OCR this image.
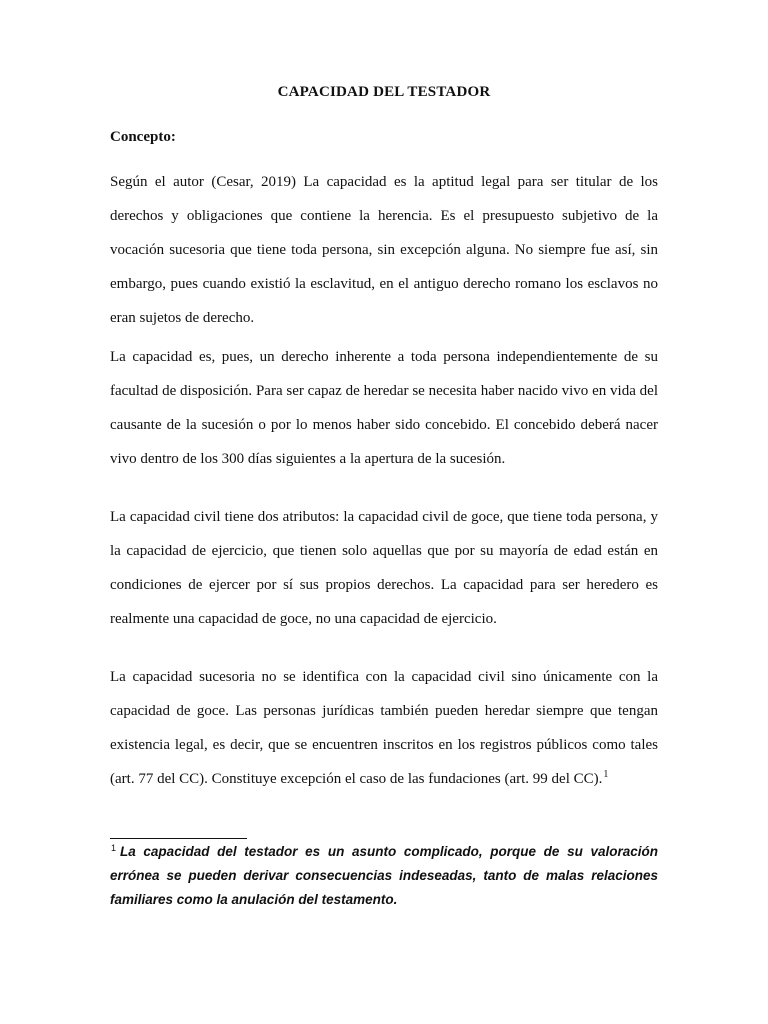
CAPACIDAD DEL TESTADOR
Concepto:

Según el autor (Cesar, 2019) La capacidad es la aptitud legal para ser titular de los derechos y obligaciones que contiene la herencia. Es el presupuesto subjetivo de la vocación sucesoria que tiene toda persona, sin excepción alguna. No siempre fue así, sin embargo, pues cuando existió la esclavitud, en el antiguo derecho romano los esclavos no eran sujetos de derecho.

La capacidad es, pues, un derecho inherente a toda persona independientemente de su facultad de disposición. Para ser capaz de heredar se necesita haber nacido vivo en vida del causante de la sucesión o por lo menos haber sido concebido. El concebido deberá nacer vivo dentro de los 300 días siguientes a la apertura de la sucesión.

La capacidad civil tiene dos atributos: la capacidad civil de goce, que tiene toda persona, y la capacidad de ejercicio, que tienen solo aquellas que por su mayoría de edad están en condiciones de ejercer por sí sus propios derechos. La capacidad para ser heredero es realmente una capacidad de goce, no una capacidad de ejercicio.

La capacidad sucesoria no se identifica con la capacidad civil sino únicamente con la capacidad de goce. Las personas jurídicas también pueden heredar siempre que tengan existencia legal, es decir, que se encuentren inscritos en los registros públicos como tales (art. 77 del CC). Constituye excepción el caso de las fundaciones (art. 99 del CC).$^1$

$^1$ La capacidad del testador es un asunto complicado, porque de su valoración errónea se pueden derivar consecuencias indeseadas, tanto de malas relaciones familiares como la anulación del testamento.
